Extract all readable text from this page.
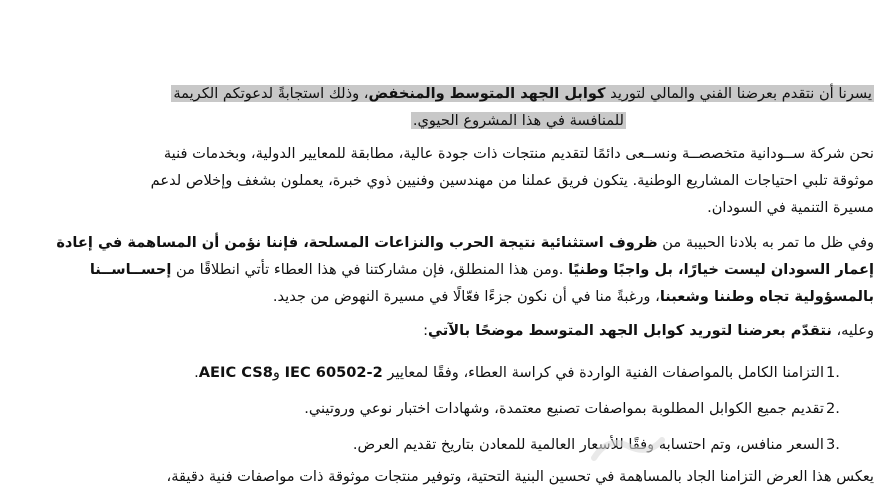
يسرنا أن نتقدم بعرضنا الفني والمالي لتوريد كوابل الجهد المتوسط والمنخفض، وذلك استجابةً لدعوتكم الكريمة
للمنافسة في هذا المشروع الحيوي.
نحن شركة ســودانية متخصصــة ونســعى دائمًا لتقديم منتجات ذات جودة عالية، مطابقة للمعايير الدولية، وبخدمات فنية
موثوقة تلبي احتياجات المشاريع الوطنية. يتكون فريق عملنا من مهندسين وفنيين ذوي خبرة، يعملون بشغف وإخلاص لدعم
مسيرة التنمية في السودان.
وفي ظل ما تمر به بلادنا الحبيبة من ظروف استثنائية نتيجة الحرب والنزاعات المسلحة، فإننا نؤمن أن المساهمة في إعادة
إعمار السودان ليست خيارًا، بل واجبًا وطنيًا .ومن هذا المنطلق، فإن مشاركتنا في هذا العطاء تأتي انطلاقًا من إحســاســنا
بالمسؤولية تجاه وطننا وشعبنا، ورغبةً منا في أن نكون جزءًا فعّالًا في مسيرة النهوض من جديد.
وعليه، نتقدّم بعرضنا لتوريد كوابل الجهد المتوسط موضحًا بالآتي:
1.
التزامنا الكامل بالمواصفات الفنية الواردة في كراسة العطاء، وفقًا لمعايير IEC 60502-2 وAEIC CS8.
2.
تقديم جميع الكوابل المطلوبة بمواصفات تصنيع معتمدة، وشهادات اختبار نوعي وروتيني.
3.
السعر منافس، وتم احتسابه وفقًا للأسعار العالمية للمعادن بتاريخ تقديم العرض.
يعكس هذا العرض التزامنا الجاد بالمساهمة في تحسين البنية التحتية، وتوفير منتجات موثوقة ذات مواصفات فنية دقيقة،
